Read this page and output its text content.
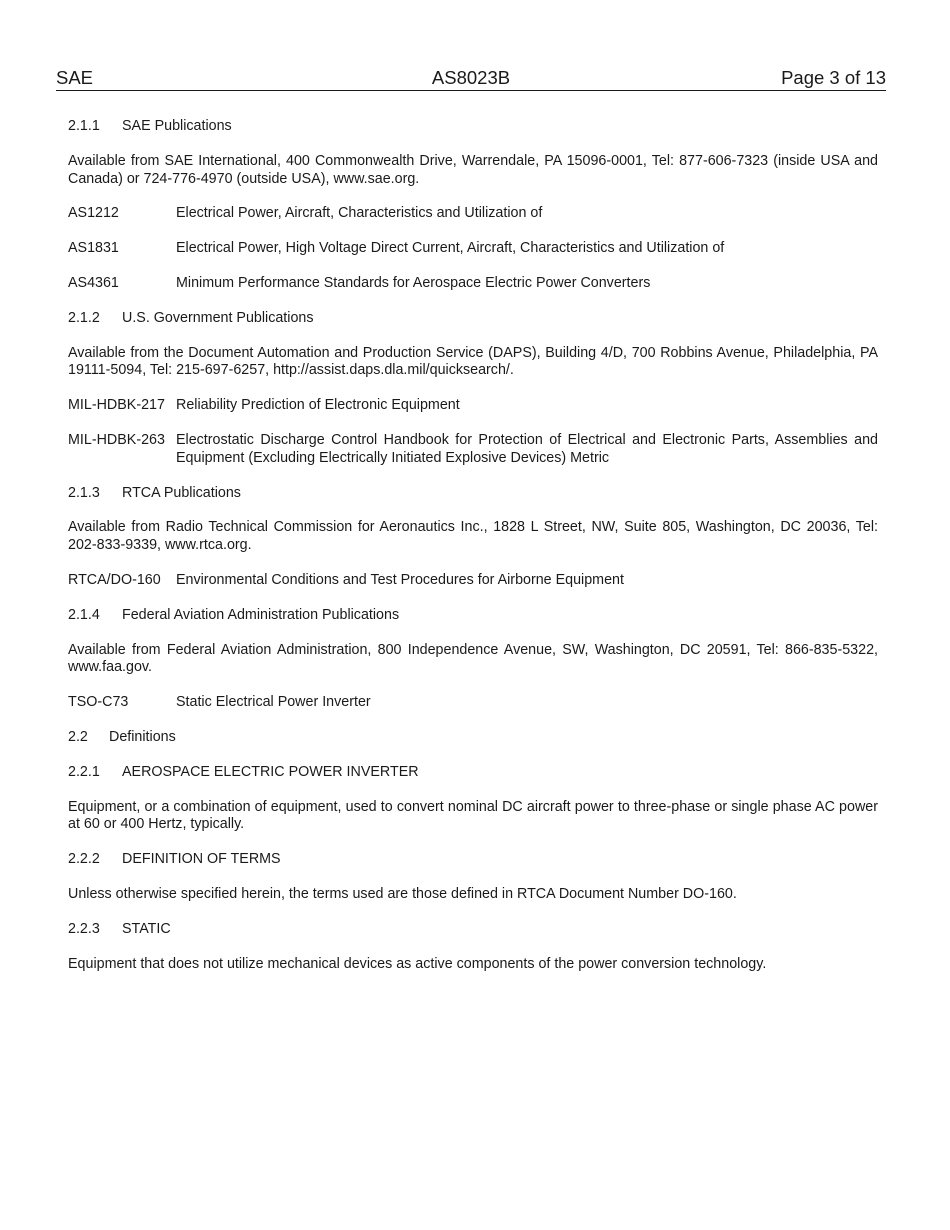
AS8023B
SAE	Page 3 of 13
2.1.1	SAE Publications
Available from SAE International, 400 Commonwealth Drive, Warrendale, PA 15096-0001, Tel: 877-606-7323 (inside USA and Canada) or 724-776-4970 (outside USA), www.sae.org.
AS1212	Electrical Power, Aircraft, Characteristics and Utilization of
AS1831	Electrical Power, High Voltage Direct Current, Aircraft, Characteristics and Utilization of
AS4361	Minimum Performance Standards for Aerospace Electric Power Converters
2.1.2	U.S. Government Publications
Available from the Document Automation and Production Service (DAPS), Building 4/D, 700 Robbins Avenue, Philadelphia, PA 19111-5094, Tel: 215-697-6257, http://assist.daps.dla.mil/quicksearch/.
MIL-HDBK-217 Reliability Prediction of Electronic Equipment
MIL-HDBK-263 Electrostatic Discharge Control Handbook for Protection of Electrical and Electronic Parts, Assemblies and Equipment (Excluding Electrically Initiated Explosive Devices) Metric
2.1.3	RTCA Publications
Available from Radio Technical Commission for Aeronautics Inc., 1828 L Street, NW, Suite 805, Washington, DC 20036, Tel: 202-833-9339, www.rtca.org.
RTCA/DO-160	Environmental Conditions and Test Procedures for Airborne Equipment
2.1.4	Federal Aviation Administration Publications
Available from Federal Aviation Administration, 800 Independence Avenue, SW, Washington, DC 20591, Tel: 866-835-5322, www.faa.gov.
TSO-C73	Static Electrical Power Inverter
2.2	Definitions
2.2.1	AEROSPACE ELECTRIC POWER INVERTER
Equipment, or a combination of equipment, used to convert nominal DC aircraft power to three-phase or single phase AC power at 60 or 400 Hertz, typically.
2.2.2	DEFINITION OF TERMS
Unless otherwise specified herein, the terms used are those defined in RTCA Document Number DO-160.
2.2.3	STATIC
Equipment that does not utilize mechanical devices as active components of the power conversion technology.
